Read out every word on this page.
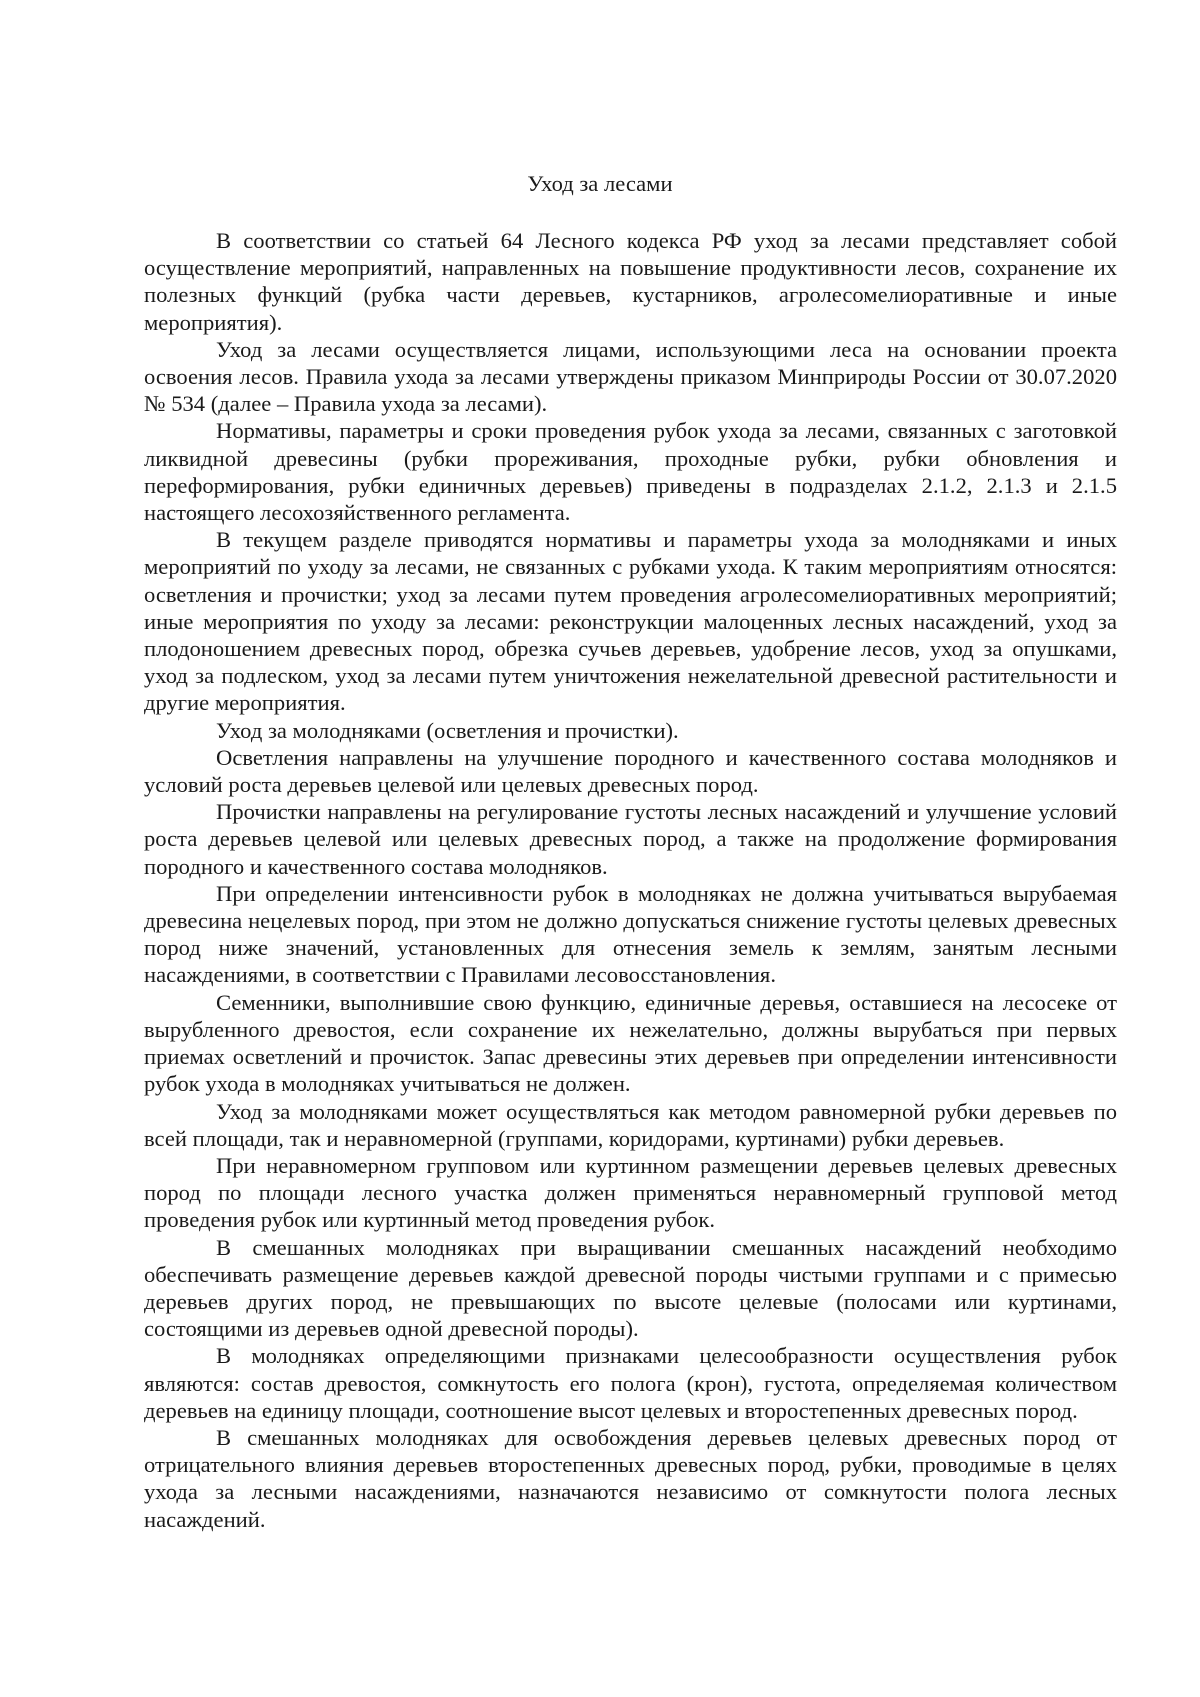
Уход за лесами

В соответствии со статьей 64 Лесного кодекса РФ уход за лесами представляет собой осуществление мероприятий, направленных на повышение продуктивности лесов, сохранение их полезных функций (рубка части деревьев, кустарников, агролесомелиоративные и иные мероприятия).

Уход за лесами осуществляется лицами, использующими леса на основании проекта освоения лесов. Правила ухода за лесами утверждены приказом Минприроды России от 30.07.2020 № 534 (далее – Правила ухода за лесами).

Нормативы, параметры и сроки проведения рубок ухода за лесами, связанных с заготовкой ликвидной древесины (рубки прореживания, проходные рубки, рубки обновления и переформирования, рубки единичных деревьев) приведены в подразделах 2.1.2, 2.1.3 и 2.1.5 настоящего лесохозяйственного регламента.

В текущем разделе приводятся нормативы и параметры ухода за молодняками и иных мероприятий по уходу за лесами, не связанных с рубками ухода. К таким мероприятиям относятся: осветления и прочистки; уход за лесами путем проведения агролесомелиоративных мероприятий; иные мероприятия по уходу за лесами: реконструкции малоценных лесных насаждений, уход за плодоношением древесных пород, обрезка сучьев деревьев, удобрение лесов, уход за опушками, уход за подлеском, уход за лесами путем уничтожения нежелательной древесной растительности и другие мероприятия.

Уход за молодняками (осветления и прочистки).

Осветления направлены на улучшение породного и качественного состава молодняков и условий роста деревьев целевой или целевых древесных пород.

Прочистки направлены на регулирование густоты лесных насаждений и улучшение условий роста деревьев целевой или целевых древесных пород, а также на продолжение формирования породного и качественного состава молодняков.

При определении интенсивности рубок в молодняках не должна учитываться вырубаемая древесина нецелевых пород, при этом не должно допускаться снижение густоты целевых древесных пород ниже значений, установленных для отнесения земель к землям, занятым лесными насаждениями, в соответствии с Правилами лесовосстановления.

Семенники, выполнившие свою функцию, единичные деревья, оставшиеся на лесосеке от вырубленного древостоя, если сохранение их нежелательно, должны вырубаться при первых приемах осветлений и прочисток. Запас древесины этих деревьев при определении интенсивности рубок ухода в молодняках учитываться не должен.

Уход за молодняками может осуществляться как методом равномерной рубки деревьев по всей площади, так и неравномерной (группами, коридорами, куртинами) рубки деревьев.

При неравномерном групповом или куртинном размещении деревьев целевых древесных пород по площади лесного участка должен применяться неравномерный групповой метод проведения рубок или куртинный метод проведения рубок.

В смешанных молодняках при выращивании смешанных насаждений необходимо обеспечивать размещение деревьев каждой древесной породы чистыми группами и с примесью деревьев других пород, не превышающих по высоте целевые (полосами или куртинами, состоящими из деревьев одной древесной породы).

В молодняках определяющими признаками целесообразности осуществления рубок являются: состав древостоя, сомкнутость его полога (крон), густота, определяемая количеством деревьев на единицу площади, соотношение высот целевых и второстепенных древесных пород.

В смешанных молодняках для освобождения деревьев целевых древесных пород от отрицательного влияния деревьев второстепенных древесных пород, рубки, проводимые в целях ухода за лесными насаждениями, назначаются независимо от сомкнутости полога лесных насаждений.
